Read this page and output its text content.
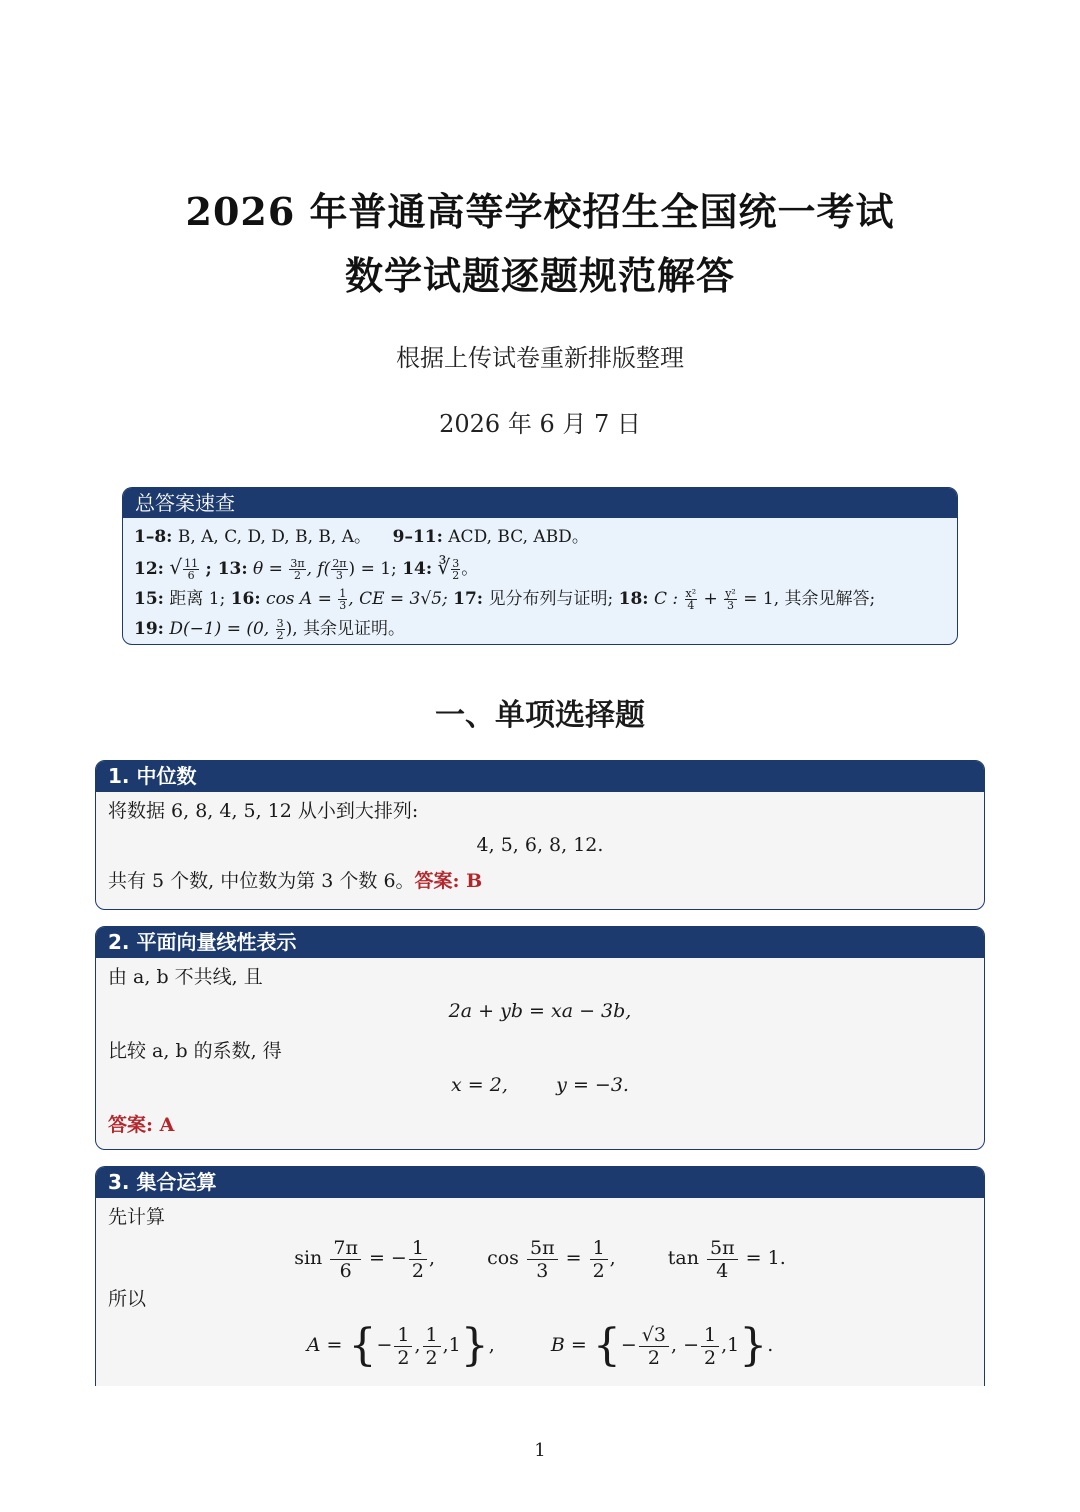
2026 年普通高等学校招生全国统一考试
数学试题逐题规范解答
根据上传试卷重新排版整理
2026 年 6 月 7 日
总答案速查
1–8: B, A, C, D, D, B, B, A。 9–11: ACD, BC, ABD。
12: √ $\frac{11}{6}$ ; 13: $\theta = \frac{3\pi}{2}$ , $f( \frac{2\pi}{3}$ ) = 1; 14: ∛ $\frac{3}{2}$ 。
15: 距离 1; 16: $\cos A = \frac{1}{3}$ , CE = 3√5; 17: 见分布列与证明; 18: C : $\frac{\text{x²}}{4} + \frac{\text{y²}}{3} = 1$, 其余见解答;
19: D(−1) = (0, $\frac{3}{2}$ ), 其余见证明。
一、单项选择题
1. 中位数
将数据 6, 8, 4, 5, 12 从小到大排列:
4, 5, 6, 8, 12.
共有 5 个数, 中位数为第 3 个数 6。答案: B
2. 平面向量线性表示
由 a, b 不共线, 且
2a + yb = xa − 3b,
比较 a, b 的系数, 得
x = 2,        y = −3.
答案: A
3. 集合运算
先计算
$\sin \frac{7\pi}{6}$ = − $\frac{1}{2}$ ,	$\cos \frac{5\pi}{3} = \frac{1}{2}$ ,	$\tan \frac{5\pi}{4} = 1$.
所以
A = {− $\frac{1}{2}$ , $\frac{1}{2} ,1$},	B = {− $\frac{√3}{2}$ , − $\frac{1}{2} ,1$}.
1
